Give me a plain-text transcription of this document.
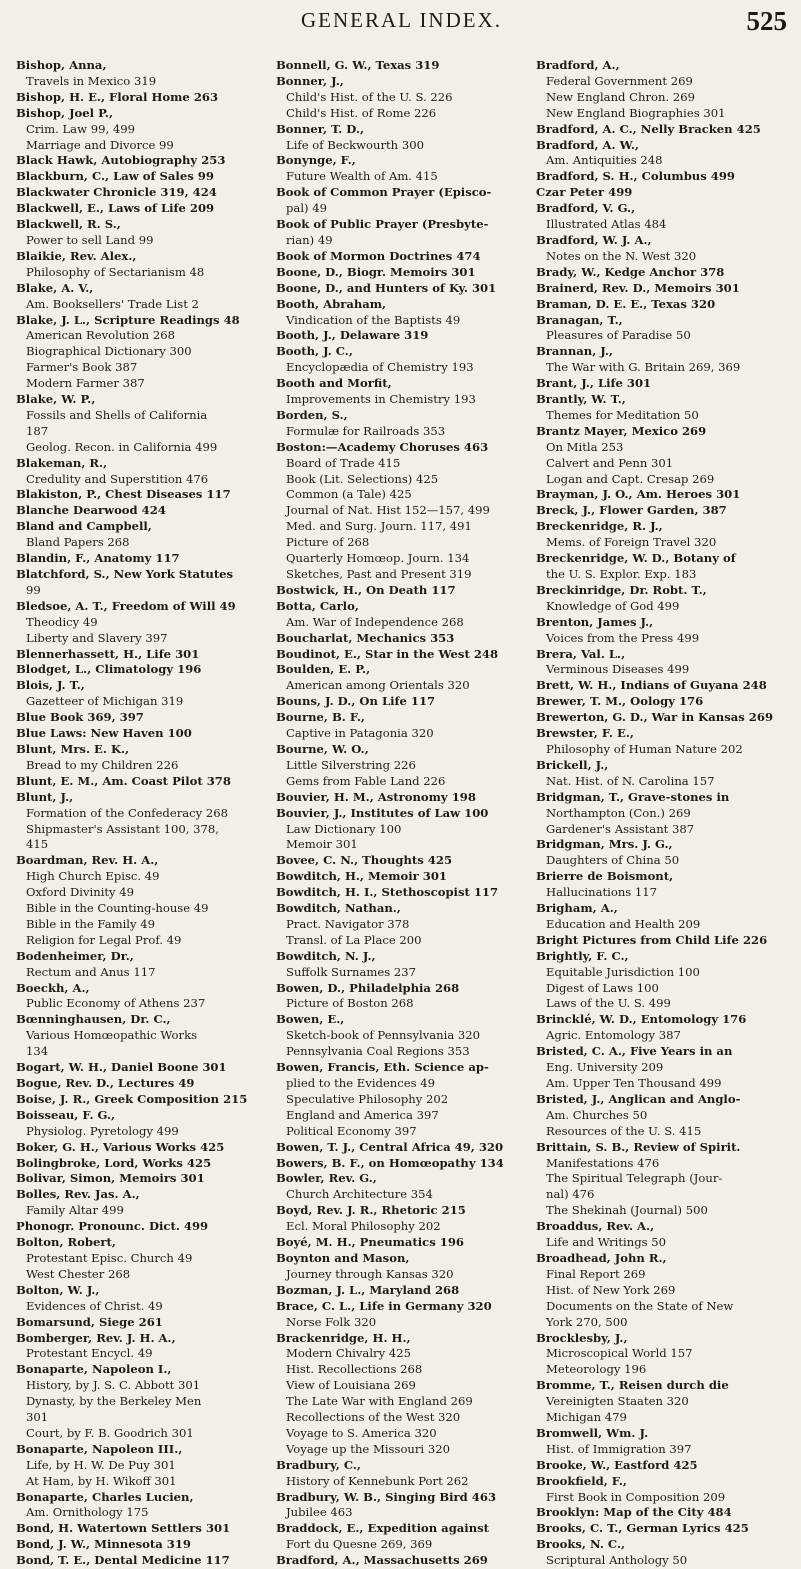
GENERAL INDEX.	525
Bishop, Anna,
Travels in Mexico 319
Bishop, H. E., Floral Home 263
Bishop, Joel P.,
Crim. Law 99, 499
Marriage and Divorce 99
Black Hawk, Autobiography 253
Blackburn, C., Law of Sales 99
Blackwater Chronicle 319, 424
Blackwell, E., Laws of Life 209
Blackwell, R. S.,
Power to sell Land 99
Blaikie, Rev. Alex.,
Philosophy of Sectarianism 48
Blake, A. V.,
Am. Booksellers' Trade List 2
Blake, J. L., Scripture Readings 48
American Revolution 268
Biographical Dictionary 300
Farmer's Book 387
Modern Farmer 387
Blake, W. P.,
Fossils and Shells of California
187
Geolog. Recon. in California 499
Blakeman, R.,
Credulity and Superstition 476
Blakiston, P., Chest Diseases 117
Blanche Dearwood 424
Bland and Campbell,
Bland Papers 268
Blandin, F., Anatomy 117
Blatchford, S., New York Statutes
99
Bledsoe, A. T., Freedom of Will 49
Theodicy 49
Liberty and Slavery 397
Blennerhassett, H., Life 301
Blodget, L., Climatology 196
Blois, J. T.,
Gazetteer of Michigan 319
Blue Book 369, 397
Blue Laws: New Haven 100
Blunt, Mrs. E. K.,
Bread to my Children 226
Blunt, E. M., Am. Coast Pilot 378
Blunt, J.,
Formation of the Confederacy 268
Shipmaster's Assistant 100, 378,
415
Boardman, Rev. H. A.,
High Church Episc. 49
Oxford Divinity 49
Bible in the Counting-house 49
Bible in the Family 49
Religion for Legal Prof. 49
Bodenheimer, Dr.,
Rectum and Anus 117
Boeckh, A.,
Public Economy of Athens 237
Bœnninghausen, Dr. C.,
Various Homœopathic Works
134
Bogart, W. H., Daniel Boone 301
Bogue, Rev. D., Lectures 49
Boise, J. R., Greek Composition 215
Boisseau, F. G.,
Physiolog. Pyretology 499
Boker, G. H., Various Works 425
Bolingbroke, Lord, Works 425
Bolivar, Simon, Memoirs 301
Bolles, Rev. Jas. A.,
Family Altar 499
Phonogr. Pronounc. Dict. 499
Bolton, Robert,
Protestant Episc. Church 49
West Chester 268
Bolton, W. J.,
Evidences of Christ. 49
Bomarsund, Siege 261
Bomberger, Rev. J. H. A.,
Protestant Encycl. 49
Bonaparte, Napoleon I.,
History, by J. S. C. Abbott 301
Dynasty, by the Berkeley Men
301
Court, by F. B. Goodrich 301
Bonaparte, Napoleon III.,
Life, by H. W. De Puy 301
At Ham, by H. Wikoff 301
Bonaparte, Charles Lucien,
Am. Ornithology 175
Bond, H. Watertown Settlers 301
Bond, J. W., Minnesota 319
Bond, T. E., Dental Medicine 117
Bonnell, G. W., Texas 319
Bonner, J.,
Child's Hist. of the U. S. 226
Child's Hist. of Rome 226
Bonner, T. D.,
Life of Beckwourth 300
Bonynge, F.,
Future Wealth of Am. 415
Book of Common Prayer (Episco-
pal) 49
Book of Public Prayer (Presbyte-
rian) 49
Book of Mormon Doctrines 474
Boone, D., Biogr. Memoirs 301
Boone, D., and Hunters of Ky. 301
Booth, Abraham,
Vindication of the Baptists 49
Booth, J., Delaware 319
Booth, J. C.,
Encyclopædia of Chemistry 193
Booth and Morfit,
Improvements in Chemistry 193
Borden, S.,
Formulæ for Railroads 353
Boston:—Academy Choruses 463
Board of Trade 415
Book (Lit. Selections) 425
Common (a Tale) 425
Journal of Nat. Hist 152—157, 499
Med. and Surg. Journ. 117, 491
Picture of 268
Quarterly Homœop. Journ. 134
Sketches, Past and Present 319
Bostwick, H., On Death 117
Botta, Carlo,
Am. War of Independence 268
Boucharlat, Mechanics 353
Boudinot, E., Star in the West 248
Boulden, E. P.,
American among Orientals 320
Bouns, J. D., On Life 117
Bourne, B. F.,
Captive in Patagonia 320
Bourne, W. O.,
Little Silverstring 226
Gems from Fable Land 226
Bouvier, H. M., Astronomy 198
Bouvier, J., Institutes of Law 100
Law Dictionary 100
Memoir 301
Bovee, C. N., Thoughts 425
Bowditch, H., Memoir 301
Bowditch, H. I., Stethoscopist 117
Bowditch, Nathan.,
Pract. Navigator 378
Transl. of La Place 200
Bowditch, N. J.,
Suffolk Surnames 237
Bowen, D., Philadelphia 268
Picture of Boston 268
Bowen, E.,
Sketch-book of Pennsylvania 320
Pennsylvania Coal Regions 353
Bowen, Francis, Eth. Science ap-
plied to the Evidences 49
Speculative Philosophy 202
England and America 397
Political Economy 397
Bowen, T. J., Central Africa 49, 320
Bowers, B. F., on Homœopathy 134
Bowler, Rev. G.,
Church Architecture 354
Boyd, Rev. J. R., Rhetoric 215
Ecl. Moral Philosophy 202
Boyé, M. H., Pneumatics 196
Boynton and Mason,
Journey through Kansas 320
Bozman, J. L., Maryland 268
Brace, C. L., Life in Germany 320
Norse Folk 320
Brackenridge, H. H.,
Modern Chivalry 425
Hist. Recollections 268
View of Louisiana 269
The Late War with England 269
Recollections of the West 320
Voyage to S. America 320
Voyage up the Missouri 320
Bradbury, C.,
History of Kennebunk Port 262
Bradbury, W. B., Singing Bird 463
Jubilee 463
Braddock, E., Expedition against
Fort du Quesne 269, 369
Bradford, A., Massachusetts 269
Bradford, A.,
Federal Government 269
New England Chron. 269
New England Biographies 301
Bradford, A. C., Nelly Bracken 425
Bradford, A. W.,
Am. Antiquities 248
Bradford, S. H., Columbus 499
Czar Peter 499
Bradford, V. G.,
Illustrated Atlas 484
Bradford, W. J. A.,
Notes on the N. West 320
Brady, W., Kedge Anchor 378
Brainerd, Rev. D., Memoirs 301
Braman, D. E. E., Texas 320
Branagan, T.,
Pleasures of Paradise 50
Brannan, J.,
The War with G. Britain 269, 369
Brant, J., Life 301
Brantly, W. T.,
Themes for Meditation 50
Brantz Mayer, Mexico 269
On Mitla 253
Calvert and Penn 301
Logan and Capt. Cresap 269
Brayman, J. O., Am. Heroes 301
Breck, J., Flower Garden, 387
Breckenridge, R. J.,
Mems. of Foreign Travel 320
Breckenridge, W. D., Botany of
the U. S. Explor. Exp. 183
Breckinridge, Dr. Robt. T.,
Knowledge of God 499
Brenton, James J.,
Voices from the Press 499
Brera, Val. L.,
Verminous Diseases 499
Brett, W. H., Indians of Guyana 248
Brewer, T. M., Oology 176
Brewerton, G. D., War in Kansas 269
Brewster, F. E.,
Philosophy of Human Nature 202
Brickell, J.,
Nat. Hist. of N. Carolina 157
Bridgman, T., Grave-stones in
Northampton (Con.) 269
Gardener's Assistant 387
Bridgman, Mrs. J. G.,
Daughters of China 50
Brierre de Boismont,
Hallucinations 117
Brigham, A.,
Education and Health 209
Bright Pictures from Child Life 226
Brightly, F. C.,
Equitable Jurisdiction 100
Digest of Laws 100
Laws of the U. S. 499
Brincklé, W. D., Entomology 176
Agric. Entomology 387
Bristed, C. A., Five Years in an
Eng. University 209
Am. Upper Ten Thousand 499
Bristed, J., Anglican and Anglo-
Am. Churches 50
Resources of the U. S. 415
Brittain, S. B., Review of Spirit.
Manifestations 476
The Spiritual Telegraph (Jour-
nal) 476
The Shekinah (Journal) 500
Broaddus, Rev. A.,
Life and Writings 50
Broadhead, John R.,
Final Report 269
Hist. of New York 269
Documents on the State of New
York 270, 500
Brocklesby, J.,
Microscopical World 157
Meteorology 196
Bromme, T., Reisen durch die
Vereinigten Staaten 320
Michigan 479
Bromwell, Wm. J.
Hist. of Immigration 397
Brooke, W., Eastford 425
Brookfield, F.,
First Book in Composition 209
Brooklyn: Map of the City 484
Brooks, C. T., German Lyrics 425
Brooks, N. C.,
Scriptural Anthology 50
